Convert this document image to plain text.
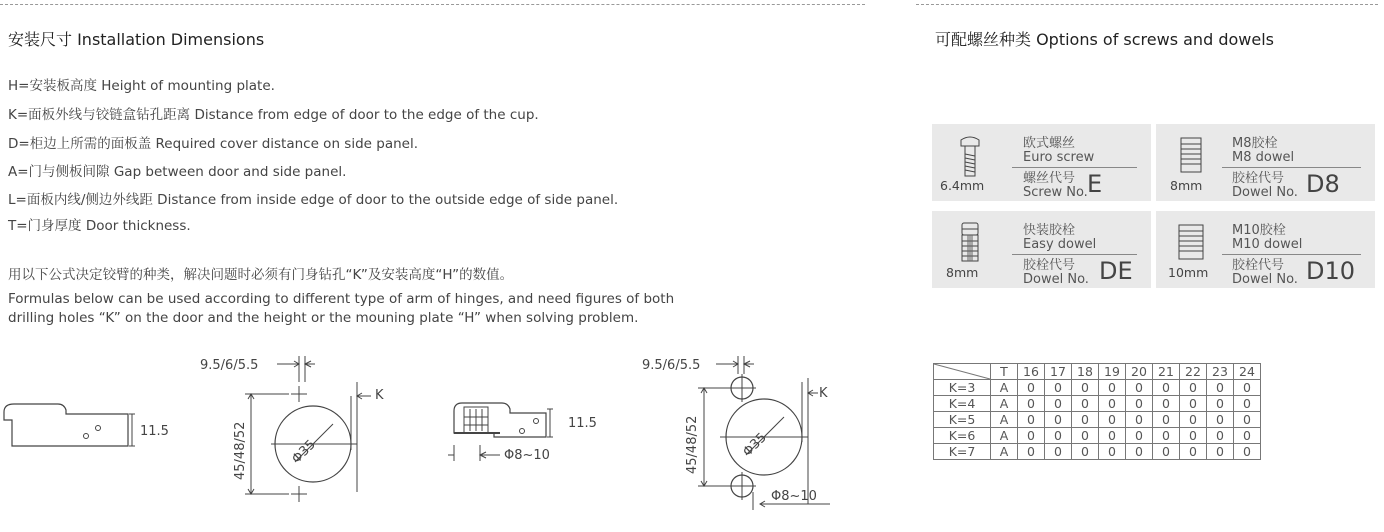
安装尺寸 Installation Dimensions
H=安装板高度 Height of mounting plate.
K=面板外线与铰链盒钻孔距离 Distance from edge of door to the edge of the cup.
D=柜边上所需的面板盖 Required cover distance on side panel.
A=门与侧板间隙 Gap between door and side panel.
L=面板内线/侧边外线距 Distance from inside edge of door to the outside edge of side panel.
T=门身厚度 Door thickness.
用以下公式决定铰臂的种类，解决问题时必须有门身钻孔“K”及安装高度“H”的数值。
Formulas below can be used according to different type of arm of hinges, and need figures of both
drilling holes “K” on the door and the height or the mouning plate “H” when solving problem.
11.5
9.5/6/5.5
45/48/52	Φ35
K
11.5
Φ8~10
9.5/6/5.5
45/48/52	Φ35
K
Φ8~10
可配螺丝种类 Options of screws and dowels
6.4mm
欧式螺丝
Euro screw
螺丝代号
Screw No. E	8mm
M8胶栓
M8 dowel
胶栓代号
Dowel No. D8
8mm
快装胶栓
Easy dowel
胶栓代号
Dowel No. DE	10mm
M10胶栓
M10 dowel
胶栓代号
Dowel No. D10
	T	16	17	18	19	20	21	22	23	24
K=3	A	0	0	0	0	0	0	0	0	0
K=4	A	0	0	0	0	0	0	0	0	0
K=5	A	0	0	0	0	0	0	0	0	0
K=6	A	0	0	0	0	0	0	0	0	0
K=7	A	0	0	0	0	0	0	0	0	0
